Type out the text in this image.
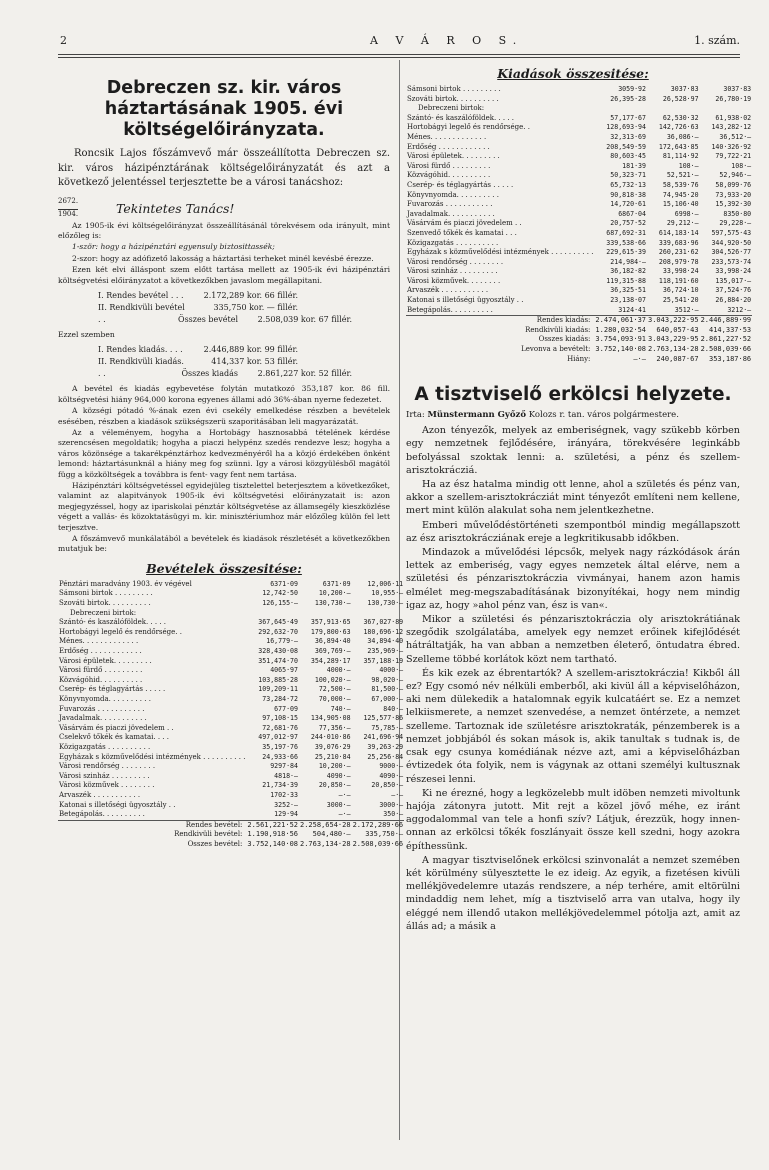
2	A V Á R O S.	1. szám.
Debreczen sz. kir. város háztartásának 1905. évi költségelőirányzata.

Roncsik Lajos főszámvevő már összeállította Debreczen sz. kir. város házipénztárának költségelőirányzatát és azt a következő jelentéssel terjesztette be a városi tanácshoz:

2672.
1904.	Tekintetes Tanács!

Az 1905-ik évi költségelőirányzat összeállításánál törekvésem oda irányult, mint előzőleg is:

1-ször: hogy a házipénztári egyensuly biztosittassék;

2-szor: hogy az adófizető lakosság a háztartási terheket minél kevésbé érezze.

Ezen két elvi álláspont szem előtt tartása mellett az 1905-ik évi házipénztári költségvetési előirányzatot a következőkben javaslom megállapitani.

I. Rendes bevétel . . .	2.172,289 kor. 66 fillér.
II. Rendkivüli bevétel . .
335,750 kor. — fillér.
Összes bevétel	2.508,039 kor. 67 fillér.

Ezzel szemben

I. Rendes kiadás. . . .	2.446,889 kor. 99 fillér.
II. Rendkivüli kiadás. . .
414,337 kor. 53 fillér.
Összes kiadás	2.861,227 kor. 52 fillér.

A bevétel és kiadás egybevetése folytán mutatkozó 353,187 kor. 86 fill. költségvetési hiány 964,000 korona egyenes állami adó 36%-ában nyerne fedezetet.

A községi pótadó %-ának ezen évi csekély emelkedése részben a bevételek esésében, részben a kiadások szükségszerü szaporitásában leli magyarázatát.

Az a véleményem, hogyha a Hortobágy hasznosabbá tételének kérdése szerencsésen megoldatik; hogyha a piaczi helypénz szedés rendezve lesz; hogyha a város közönsége a takarékpénztárhoz kedvezményéről ha a közjó érdekében önként lemond: háztartásunknál a hiány meg fog szünni. Igy a városi közgyülésből magától függ a közköltségek a továbbra is fent- vagy fent nem tartása.

Házipénztári költségvetéssel egyidejüleg tisztelettel beterjesztem a következőket, valamint az alapitványok 1905-ik évi költségvetési előirányzatait is: azon megjegyzéssel, hogy az ipariskolai pénztár költségvetése az államsegély kieszközlése végett a vallás- és közoktatásügyi m. kir. minisztériumhoz már előzőleg külön fel lett terjesztve.

A főszámvevő munkálatából a bevételek és kiadások részletését a következőkben mutatjuk be:

Bevételek összesitése:
Pénztári maradvány 1903. év végével	6371·09	6371·09	12,006·11
Sámsoni birtok . . . . . . . . .	12,742·50	10,200·—	10,955·—
Szováti birtok. . . . . . . . . .	126,155·—	130,730·—	130,730·—
Debreczeni birtok:			
Szántó- és kaszálóföldek. . . . .	367,645·49	357,913·65	367,027·89
Hortobágyi legelő és rendőrsége. .	292,632·70	179,800·63	180,696·12
Ménes. . . . . . . . . . . . .	16,779·—	36,894·40	34,894·40
Erdőség . . . . . . . . . . . .	328,430·08	369,769·—	235,969·—
Városi épületek. . . . . . . . .	351,474·70	354,289·17	357,188·19
Városi fürdő . . . . . . . . .	4065·97	4000·—	4000·—
Közvágóhid. . . . . . . . . .	103,885·28	100,020·—	98,020·—
Cserép- és téglagyártás . . . . .	109,209·11	72,500·—	81,500·—
Könyvnyomda. . . . . . . . . .	73,284·72	70,000·—	67,000·—
Fuvarozás . . . . . . . . . . .	677·09	740·—	840·—
Javadalmak. . . . . . . . . . .	97,108·15	134,905·08	125,577·86
Vásárvám és piaczi jövedelem . .	72,681·76	77,356·—	75,785·—
Cselekvő tőkék és kamatai. . . .	497,012·97	244·010·86	241,696·94
Közigazgatás . . . . . . . . . .	35,197·76	39,076·29	39,263·29
Egyházak s közművelődési intézmények . . . . . . . . . .	24,933·66	25,210·84	25,256·84
Városi rendőrség . . . . . . . .	9297·84	10,200·—	9000·—
Városi szinház . . . . . . . . .	4818·—	4090·—	4090·—
Városi közművek . . . . . . . .	21,734·39	20,850·—	20,850·—
Árvaszék . . . . . . . . . . .	1702·33	—·—	—·—
Katonai s illetőségi ügyosztály . .	3252·—	3000·—	3000·—
Betegápolás. . . . . . . . . .	129·94	—·—	350·—
Rendes bevétel:	2.561,221·52	2.258,654·28	2.172,289·66
Rendkivüli bevétel:	1.190,918·56	504,480·—	335,750·—
Összes bevétel:	3.752,140·08	2.763,134·28	2.508,039·66
Kiadások összesitése:
Sámsoni birtok . . . . . . . . .	3059·92	3037·83	3037·83
Szováti birtok. . . . . . . . . .	26,395·28	26,528·97	26,780·19
Debreczeni birtok:			
Szántó- és kaszálóföldek. . . . .	57,177·67	62,530·32	61,938·02
Hortobágyi legelő és rendőrsége. .	128,693·94	142,726·63	143,282·12
Ménes. . . . . . . . . . . . .	32,313·69	36,086·—	36,512·—
Erdőség . . . . . . . . . . . .	208,549·59	172,643·85	140·326·92
Városi épületek. . . . . . . . .	80,603·45	81,114·92	79,722·21
Városi fürdő . . . . . . . . .	181·39	108·—	108·—
Közvágóhid. . . . . . . . . .	50,323·71	52,521·—	52,946·—
Cserép- és téglagyártás . . . . .	65,732·13	58,539·76	58,099·76
Könyvnyomda. . . . . . . . . .	90,818·38	74,945·20	73,933·20
Fuvarozás . . . . . . . . . . .	14,720·61	15,106·40	15,392·30
Javadalmak. . . . . . . . . . .	6867·04	6998·—	8350·80
Vásárvám és piaczi jövedelem . .	20,757·52	29,212·—	29,228·—
Szenvedő tőkék és kamatai . . .	687,692·31	614,183·14	597,575·43
Közigazgatás . . . . . . . . . .	339,538·66	339,683·96	344,920·50
Egyházak s közművelődési intézmények . . . . . . . . . .	229,615·39	260,231·62	304,526·77
Városi rendőrség . . . . . . . .	214,984·—	208,979·78	233,573·74
Városi szinház . . . . . . . . .	36,182·82	33,998·24	33,998·24
Városi közművek. . . . . . . .	119,315·88	118,191·60	135,017·—
Árvaszék . . . . . . . . . . .	36,325·51	36,724·10	37,524·76
Katonai s illetőségi ügyosztály . .	23,138·07	25,541·20	26,884·20
Betegápolás. . . . . . . . . .	3124·41	3512·—	3212·—
Rendes kiadás:	2.474,061·37	3.043,222·95	2.446,889·99
Rendkivüli kiadás:	1.280,032·54	640,057·43	414,337·53
Összes kiadás:	3.754,093·91	3.043,229·95	2.861,227·52
Levonva a bevételt:	3.752,140·08	2.763,134·28	2.508,039·66
Hiány:	—·—	240,087·67	353,187·86
A tisztviselő erkölcsi helyzete.
Irta: Münstermann Győző Kolozs r. tan. város polgármestere.

Azon tényezők, melyek az emberiségnek, vagy szükebb körben egy nemzetnek fejlődésére, irányára, törekvésére leginkább befolyással szoktak lenni: a. születési, a pénz és szellem-arisztokrácziá.

Ha az ész hatalma mindig ott lenne, ahol a születés és pénz van, akkor a szellem-arisztokrácziát mint tényezőt említeni nem kellene, mert mint külön alakulat soha nem jelentkezhetne.

Emberi művelődéstörténeti szempontból mindig megállapszott az ész arisztokrácziának ereje a legkritikusabb időkben.

Mindazok a művelődési lépcsők, melyek nagy rázkódások árán lettek az emberiség, vagy egyes nemzetek által elérve, nem a születési és pénzarisztokráczia vivmányai, hanem azon hamis elmélet meg-megszabadításának bizonyítékai, hogy nem mindig igaz az, hogy »ahol pénz van, ész is van«.

Mikor a születési és pénzarisztokráczia oly arisztokrátiának szegődik szolgálatába, amelyek egy nemzet erőinek kifejlődését hátráltatják, ha van abban a nemzetben életerő, öntudatra ébred. Szelleme többé korlátok közt nem tartható.

És kik ezek az ébrentartók? A szellem-arisztokráczia! Kikből áll ez? Egy csomó név nélküli emberből, aki kivül áll a képviselőházon, aki nem dülekedik a hatalomnak egyik kulcatáért se. Ez a nemzet lelkiismerete, a nemzet szenvedése, a nemzet öntérzete, a nemzet szelleme. Tartoznak ide születésre arisztokraták, pénzemberek is a nemzet jobbjából és sokan mások is, akik tanultak s tudnak is, de csak egy csunya komédiának nézve azt, ami a képviselőházban évtizedek óta folyik, nem is vágynak az ottani személyi kultusznak részesei lenni.

Ki ne érezné, hogy a legközelebb mult idöben nemzeti mivoltunk hajója zátonyra jutott. Mit rejt a közel jövő méhe, ez iránt aggodalommal van tele a honfi szív? Látjuk, érezzük, hogy innen-onnan az erkölcsi tőkék foszlányait össze kell szedni, hogy azokra építhessünk.

A magyar tisztviselőnek erkölcsi szinvonalát a nemzet szemében két körülmény sülyesztette le ez ideig. Az egyik, a fizetésen kivüli mellékjövedelemre utazás rendszere, a nép terhére, amit eltörülni mindaddig nem lehet, míg a tisztviselő arra van utalva, hogy ily eléggé nem illendő utakon mellékjövedelemmel pótolja azt, amit az állás ad; a másik a
